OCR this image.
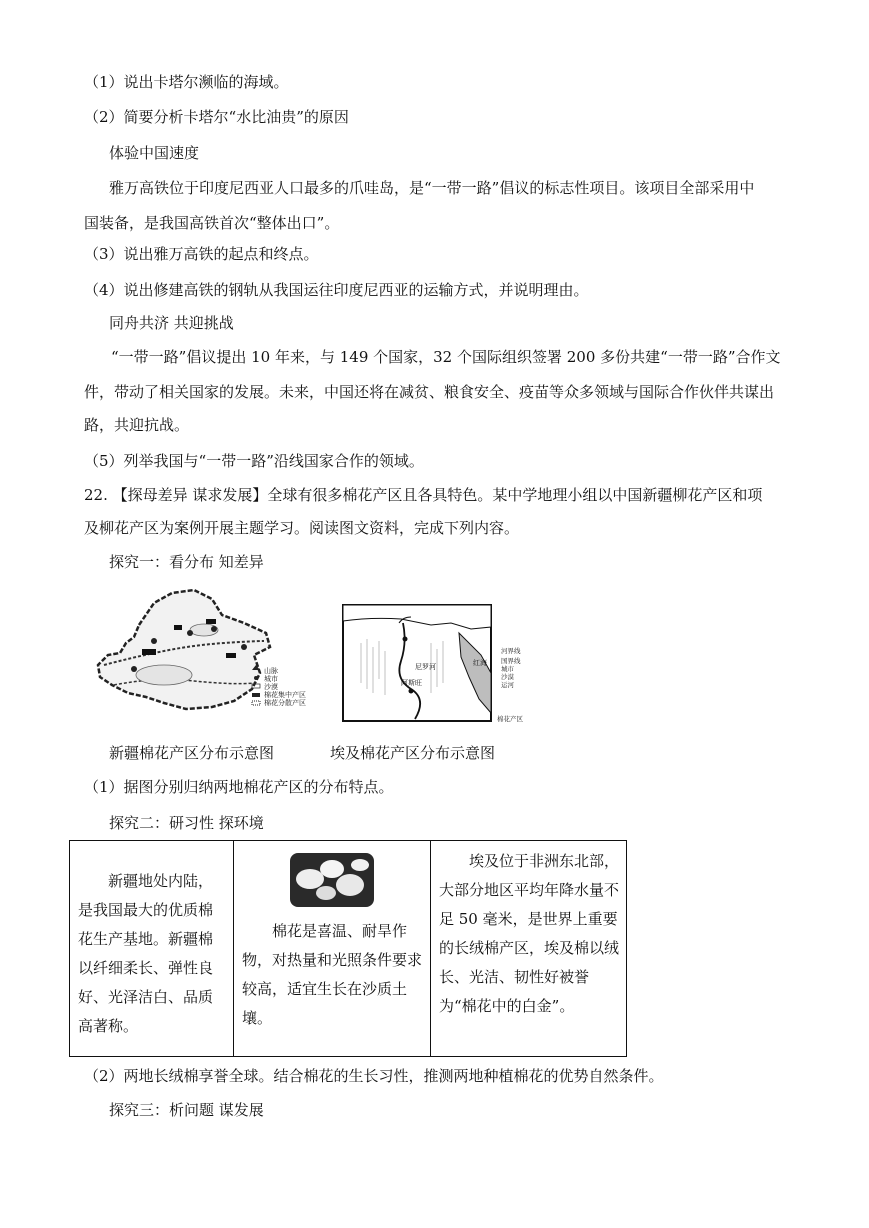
（1）说出卡塔尔濒临的海域。
（2）简要分析卡塔尔“水比油贵”的原因
体验中国速度
雅万高铁位于印度尼西亚人口最多的爪哇岛，是“一带一路”倡议的标志性项目。该项目全部采用中
国装备，是我国高铁首次“整体出口”。
（3）说出雅万高铁的起点和终点。
（4）说出修建高铁的钢轨从我国运往印度尼西亚的运输方式，并说明理由。
同舟共济 共迎挑战
“一带一路”倡议提出 10 年来，与 149 个国家，32 个国际组织签署 200 多份共建“一带一路”合作文
件，带动了相关国家的发展。未来，中国还将在减贫、粮食安全、疫苗等众多领域与国际合作伙伴共谋出
路，共迎抗战。
（5）列举我国与“一带一路”沿线国家合作的领域。
22. 【探母差异 谋求发展】全球有很多棉花产区且各具特色。某中学地理小组以中国新疆柳花产区和项
及柳花产区为案例开展主题学习。阅读图文资料，完成下列内容。
探究一：看分布 知差异
山脉
城市
沙漠
棉花集中产区
棉花分散产区
红海
尼罗河
阿斯旺
河界线
国界线
城市
沙漠
运河
棉花产区
新疆棉花产区分布示意图	埃及棉花产区分布示意图
（1）据图分别归纳两地棉花产区的分布特点。
探究二：研习性 探环境
新疆地处内陆，是我国最大的优质棉花生产基地。新疆棉以纤细柔长、弹性良好、光泽洁白、品质高著称。

棉花是喜温、耐旱作物，对热量和光照条件要求较高，适宜生长在沙质土壤。

埃及位于非洲东北部，大部分地区平均年降水量不足 50 毫米，是世界上重要的长绒棉产区，埃及棉以绒长、光洁、韧性好被誉为“棉花中的白金”。
（2）两地长绒棉享誉全球。结合棉花的生长习性，推测两地种植棉花的优势自然条件。
探究三：析问题 谋发展
